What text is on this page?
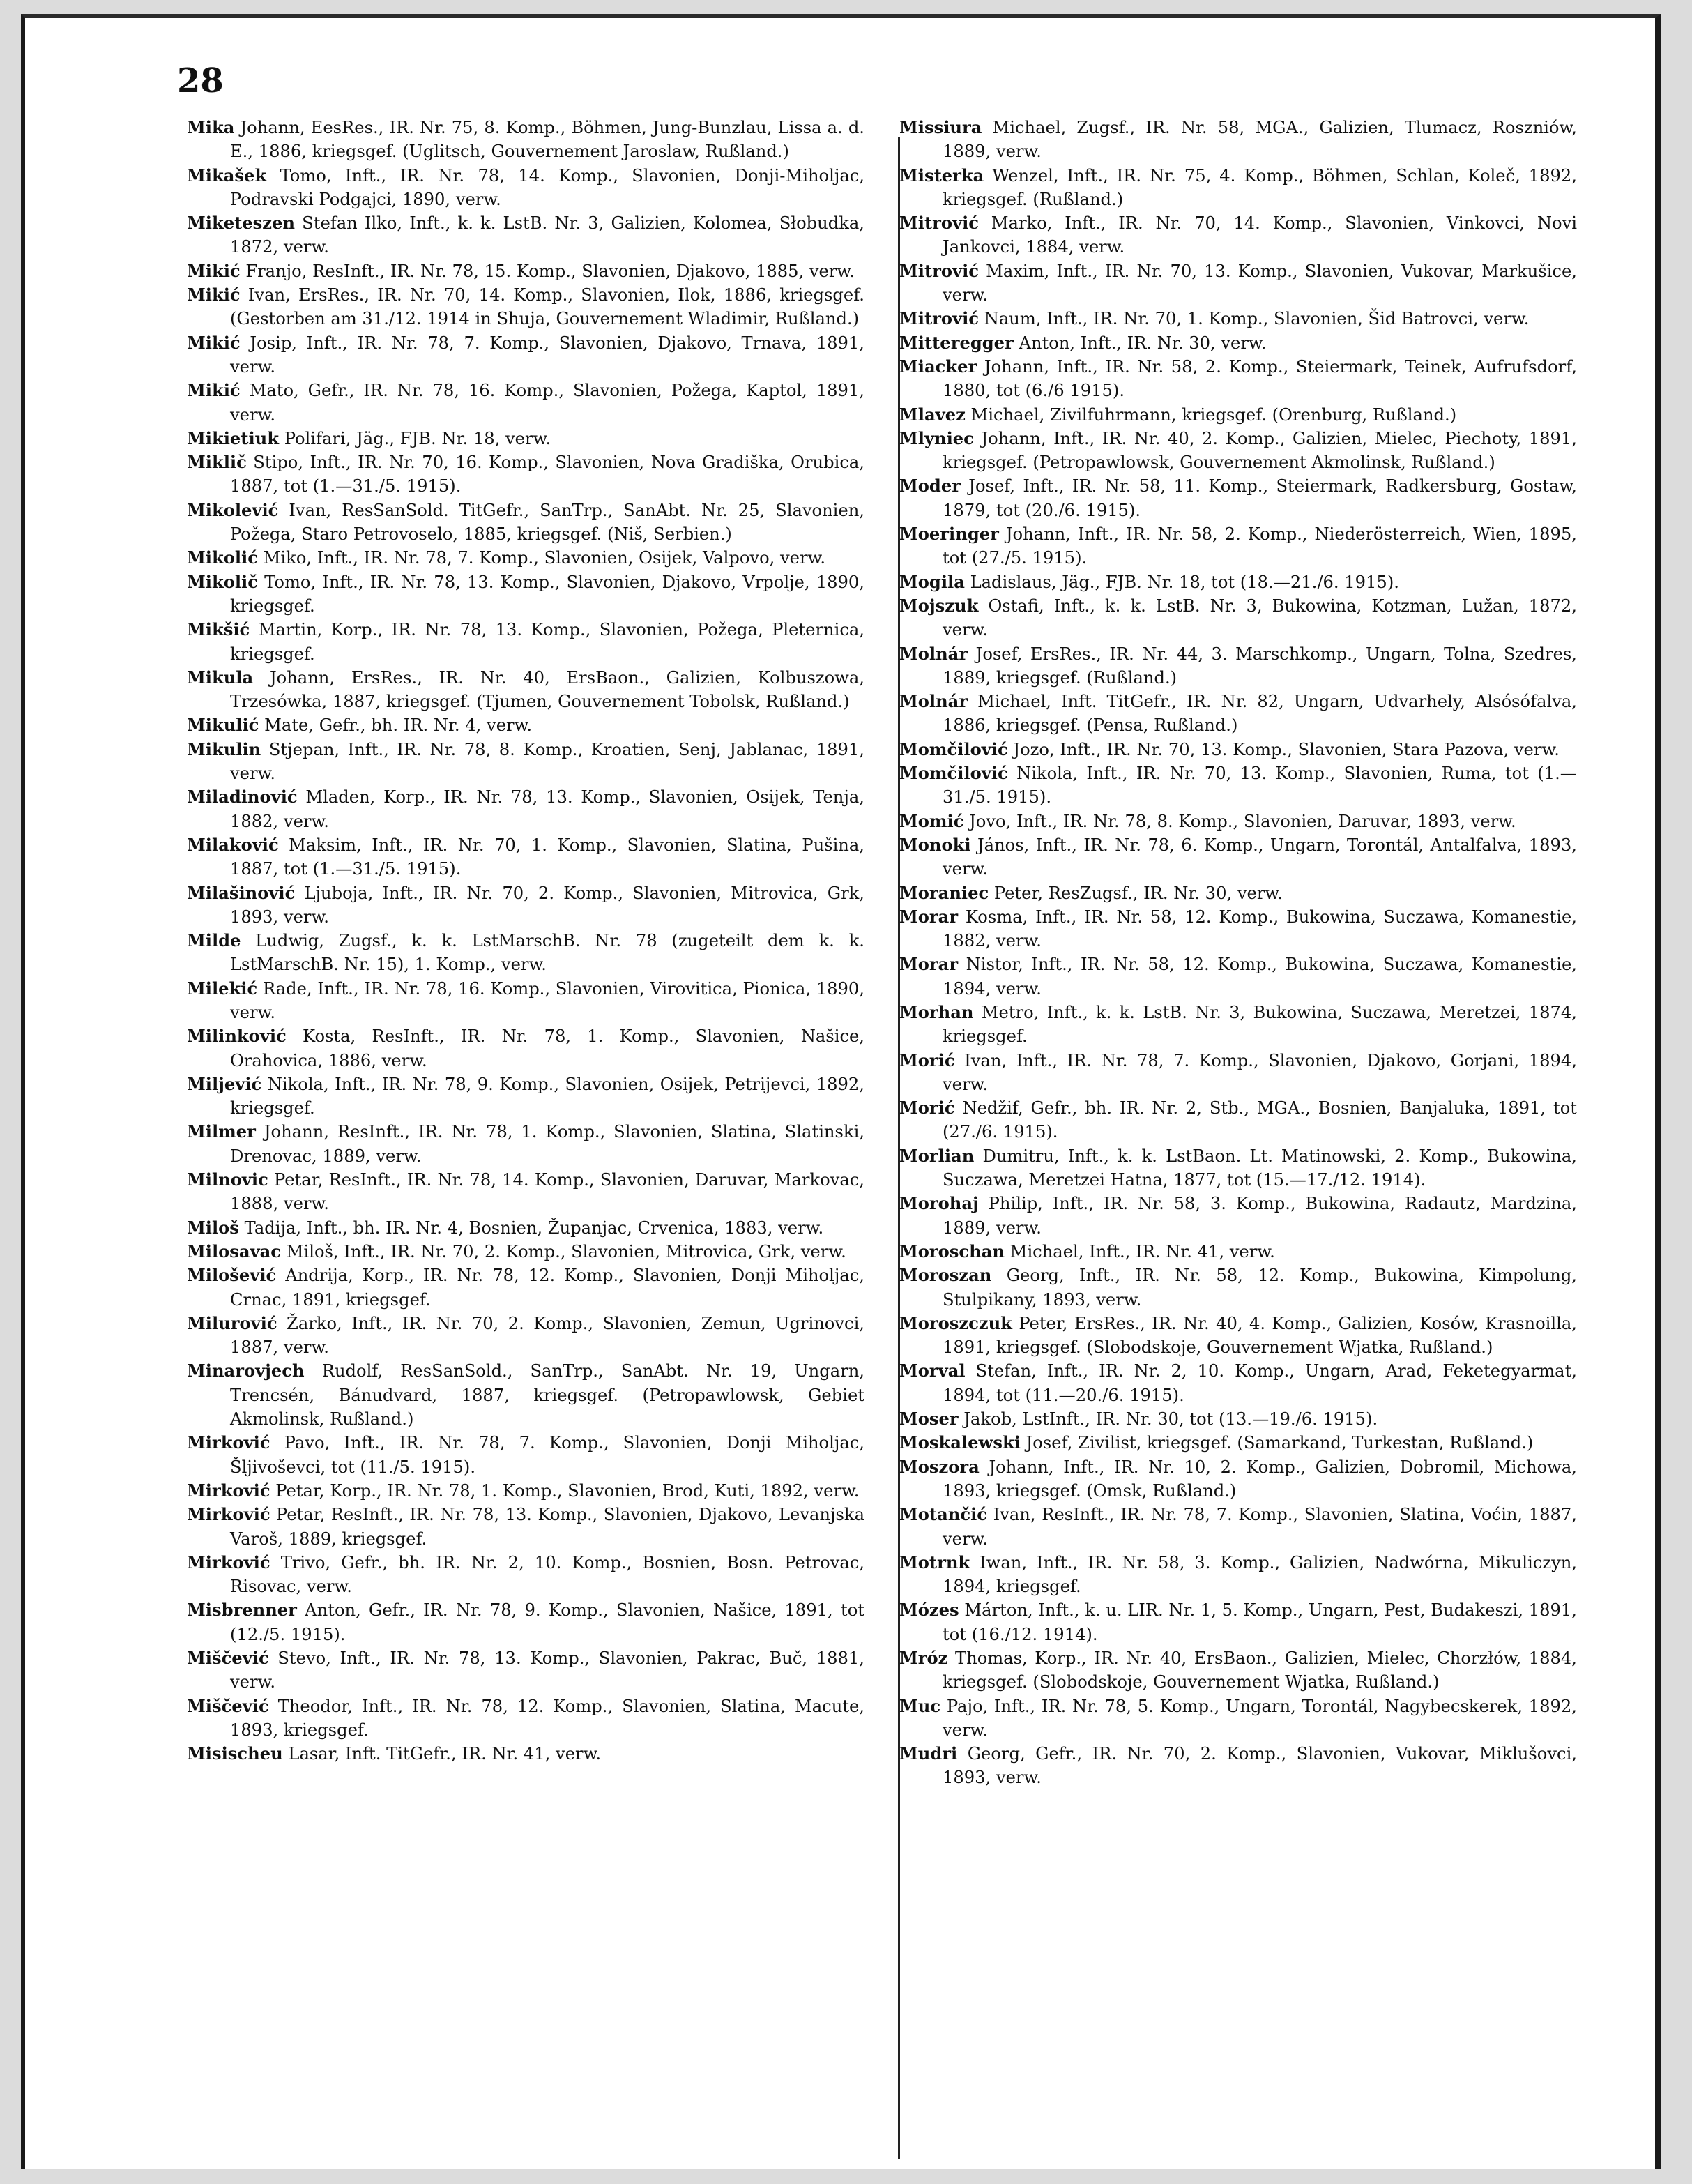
28

Mika Johann, EesRes., IR. Nr. 75, 8. Komp., Böhmen, Jung-Bunzlau, Lissa a. d. E., 1886, kriegsgef. (Uglitsch, Gouvernement Jaroslaw, Rußland.)

Mikašek Tomo, Inft., IR. Nr. 78, 14. Komp., Slavonien, Donji-Miholjac, Podravski Podgajci, 1890, verw.

Miketeszen Stefan Ilko, Inft., k. k. LstB. Nr. 3, Galizien, Kolomea, Słobudka, 1872, verw.

Mikić Franjo, ResInft., IR. Nr. 78, 15. Komp., Slavonien, Djakovo, 1885, verw.

Mikić Ivan, ErsRes., IR. Nr. 70, 14. Komp., Slavonien, Ilok, 1886, kriegsgef. (Gestorben am 31./12. 1914 in Shuja, Gouvernement Wladimir, Rußland.)

Mikić Josip, Inft., IR. Nr. 78, 7. Komp., Slavonien, Djakovo, Trnava, 1891, verw.

Mikić Mato, Gefr., IR. Nr. 78, 16. Komp., Slavonien, Požega, Kaptol, 1891, verw.

Mikietiuk Polifari, Jäg., FJB. Nr. 18, verw.

Miklič Stipo, Inft., IR. Nr. 70, 16. Komp., Slavonien, Nova Gradiška, Orubica, 1887, tot (1.—31./5. 1915).

Mikolević Ivan, ResSanSold. TitGefr., SanTrp., SanAbt. Nr. 25, Slavonien, Požega, Staro Petrovoselo, 1885, kriegsgef. (Niš, Serbien.)

Mikolić Miko, Inft., IR. Nr. 78, 7. Komp., Slavonien, Osijek, Valpovo, verw.

Mikolič Tomo, Inft., IR. Nr. 78, 13. Komp., Slavonien, Djakovo, Vrpolje, 1890, kriegsgef.

Mikšić Martin, Korp., IR. Nr. 78, 13. Komp., Slavonien, Požega, Pleternica, kriegsgef.

Mikula Johann, ErsRes., IR. Nr. 40, ErsBaon., Galizien, Kolbuszowa, Trzesówka, 1887, kriegsgef. (Tjumen, Gouvernement Tobolsk, Rußland.)

Mikulić Mate, Gefr., bh. IR. Nr. 4, verw.

Mikulin Stjepan, Inft., IR. Nr. 78, 8. Komp., Kroatien, Senj, Jablanac, 1891, verw.

Miladinović Mladen, Korp., IR. Nr. 78, 13. Komp., Slavonien, Osijek, Tenja, 1882, verw.

Milaković Maksim, Inft., IR. Nr. 70, 1. Komp., Slavonien, Slatina, Pušina, 1887, tot (1.—31./5. 1915).

Milašinović Ljuboja, Inft., IR. Nr. 70, 2. Komp., Slavonien, Mitrovica, Grk, 1893, verw.

Milde Ludwig, Zugsf., k. k. LstMarschB. Nr. 78 (zugeteilt dem k. k. LstMarschB. Nr. 15), 1. Komp., verw.

Milekić Rade, Inft., IR. Nr. 78, 16. Komp., Slavonien, Virovitica, Pionica, 1890, verw.

Milinković Kosta, ResInft., IR. Nr. 78, 1. Komp., Slavonien, Našice, Orahovica, 1886, verw.

Miljević Nikola, Inft., IR. Nr. 78, 9. Komp., Slavonien, Osijek, Petrijevci, 1892, kriegsgef.

Milmer Johann, ResInft., IR. Nr. 78, 1. Komp., Slavonien, Slatina, Slatinski, Drenovac, 1889, verw.

Milnovic Petar, ResInft., IR. Nr. 78, 14. Komp., Slavonien, Daruvar, Markovac, 1888, verw.

Miloš Tadija, Inft., bh. IR. Nr. 4, Bosnien, Županjac, Crvenica, 1883, verw.

Milosavac Miloš, Inft., IR. Nr. 70, 2. Komp., Slavonien, Mitrovica, Grk, verw.

Milošević Andrija, Korp., IR. Nr. 78, 12. Komp., Slavonien, Donji Miholjac, Crnac, 1891, kriegsgef.

Milurović Žarko, Inft., IR. Nr. 70, 2. Komp., Slavonien, Zemun, Ugrinovci, 1887, verw.

Minarovjech Rudolf, ResSanSold., SanTrp., SanAbt. Nr. 19, Ungarn, Trencsén, Bánudvard, 1887, kriegsgef. (Petropawlowsk, Gebiet Akmolinsk, Rußland.)

Mirković Pavo, Inft., IR. Nr. 78, 7. Komp., Slavonien, Donji Miholjac, Šljivoševci, tot (11./5. 1915).

Mirković Petar, Korp., IR. Nr. 78, 1. Komp., Slavonien, Brod, Kuti, 1892, verw.

Mirković Petar, ResInft., IR. Nr. 78, 13. Komp., Slavonien, Djakovo, Levanjska Varoš, 1889, kriegsgef.

Mirković Trivo, Gefr., bh. IR. Nr. 2, 10. Komp., Bosnien, Bosn. Petrovac, Risovac, verw.

Misbrenner Anton, Gefr., IR. Nr. 78, 9. Komp., Slavonien, Našice, 1891, tot (12./5. 1915).

Miščević Stevo, Inft., IR. Nr. 78, 13. Komp., Slavonien, Pakrac, Buč, 1881, verw.

Miščević Theodor, Inft., IR. Nr. 78, 12. Komp., Slavonien, Slatina, Macute, 1893, kriegsgef.

Misischeu Lasar, Inft. TitGefr., IR. Nr. 41, verw.

Missiura Michael, Zugsf., IR. Nr. 58, MGA., Galizien, Tlumacz, Roszniów, 1889, verw.

Misterka Wenzel, Inft., IR. Nr. 75, 4. Komp., Böhmen, Schlan, Koleč, 1892, kriegsgef. (Rußland.)

Mitrović Marko, Inft., IR. Nr. 70, 14. Komp., Slavonien, Vinkovci, Novi Jankovci, 1884, verw.

Mitrović Maxim, Inft., IR. Nr. 70, 13. Komp., Slavonien, Vukovar, Markušice, verw.

Mitrović Naum, Inft., IR. Nr. 70, 1. Komp., Slavonien, Šid Batrovci, verw.

Mitteregger Anton, Inft., IR. Nr. 30, verw.

Miacker Johann, Inft., IR. Nr. 58, 2. Komp., Steiermark, Teinek, Aufrufsdorf, 1880, tot (6./6 1915).

Mlavez Michael, Zivilfuhrmann, kriegsgef. (Orenburg, Rußland.)

Mlyniec Johann, Inft., IR. Nr. 40, 2. Komp., Galizien, Mielec, Piechoty, 1891, kriegsgef. (Petropawlowsk, Gouvernement Akmolinsk, Rußland.)

Moder Josef, Inft., IR. Nr. 58, 11. Komp., Steiermark, Radkersburg, Gostaw, 1879, tot (20./6. 1915).

Moeringer Johann, Inft., IR. Nr. 58, 2. Komp., Niederösterreich, Wien, 1895, tot (27./5. 1915).

Mogila Ladislaus, Jäg., FJB. Nr. 18, tot (18.—21./6. 1915).

Mojszuk Ostafi, Inft., k. k. LstB. Nr. 3, Bukowina, Kotzman, Lužan, 1872, verw.

Molnár Josef, ErsRes., IR. Nr. 44, 3. Marschkomp., Ungarn, Tolna, Szedres, 1889, kriegsgef. (Rußland.)

Molnár Michael, Inft. TitGefr., IR. Nr. 82, Ungarn, Udvarhely, Alsósófalva, 1886, kriegsgef. (Pensa, Rußland.)

Momčilović Jozo, Inft., IR. Nr. 70, 13. Komp., Slavonien, Stara Pazova, verw.

Momčilović Nikola, Inft., IR. Nr. 70, 13. Komp., Slavonien, Ruma, tot (1.—31./5. 1915).

Momić Jovo, Inft., IR. Nr. 78, 8. Komp., Slavonien, Daruvar, 1893, verw.

Monoki János, Inft., IR. Nr. 78, 6. Komp., Ungarn, Torontál, Antalfalva, 1893, verw.

Moraniec Peter, ResZugsf., IR. Nr. 30, verw.

Morar Kosma, Inft., IR. Nr. 58, 12. Komp., Bukowina, Suczawa, Komanestie, 1882, verw.

Morar Nistor, Inft., IR. Nr. 58, 12. Komp., Bukowina, Suczawa, Komanestie, 1894, verw.

Morhan Metro, Inft., k. k. LstB. Nr. 3, Bukowina, Suczawa, Meretzei, 1874, kriegsgef.

Morić Ivan, Inft., IR. Nr. 78, 7. Komp., Slavonien, Djakovo, Gorjani, 1894, verw.

Morić Nedžif, Gefr., bh. IR. Nr. 2, Stb., MGA., Bosnien, Banjaluka, 1891, tot (27./6. 1915).

Morlian Dumitru, Inft., k. k. LstBaon. Lt. Matinowski, 2. Komp., Bukowina, Suczawa, Meretzei Hatna, 1877, tot (15.—17./12. 1914).

Morohaj Philip, Inft., IR. Nr. 58, 3. Komp., Bukowina, Radautz, Mardzina, 1889, verw.

Moroschan Michael, Inft., IR. Nr. 41, verw.

Moroszan Georg, Inft., IR. Nr. 58, 12. Komp., Bukowina, Kimpolung, Stulpikany, 1893, verw.

Moroszczuk Peter, ErsRes., IR. Nr. 40, 4. Komp., Galizien, Kosów, Krasnoilla, 1891, kriegsgef. (Slobodskoje, Gouvernement Wjatka, Rußland.)

Morval Stefan, Inft., IR. Nr. 2, 10. Komp., Ungarn, Arad, Feketegyarmat, 1894, tot (11.—20./6. 1915).

Moser Jakob, LstInft., IR. Nr. 30, tot (13.—19./6. 1915).

Moskalewski Josef, Zivilist, kriegsgef. (Samarkand, Turkestan, Rußland.)

Moszora Johann, Inft., IR. Nr. 10, 2. Komp., Galizien, Dobromil, Michowa, 1893, kriegsgef. (Omsk, Rußland.)

Motančić Ivan, ResInft., IR. Nr. 78, 7. Komp., Slavonien, Slatina, Voćin, 1887, verw.

Motrnk Iwan, Inft., IR. Nr. 58, 3. Komp., Galizien, Nadwórna, Mikuliczyn, 1894, kriegsgef.

Mózes Márton, Inft., k. u. LIR. Nr. 1, 5. Komp., Ungarn, Pest, Budakeszi, 1891, tot (16./12. 1914).

Mróz Thomas, Korp., IR. Nr. 40, ErsBaon., Galizien, Mielec, Chorzłów, 1884, kriegsgef. (Slobodskoje, Gouvernement Wjatka, Rußland.)

Muc Pajo, Inft., IR. Nr. 78, 5. Komp., Ungarn, Torontál, Nagybecskerek, 1892, verw.

Mudri Georg, Gefr., IR. Nr. 70, 2. Komp., Slavonien, Vukovar, Miklušovci, 1893, verw.
